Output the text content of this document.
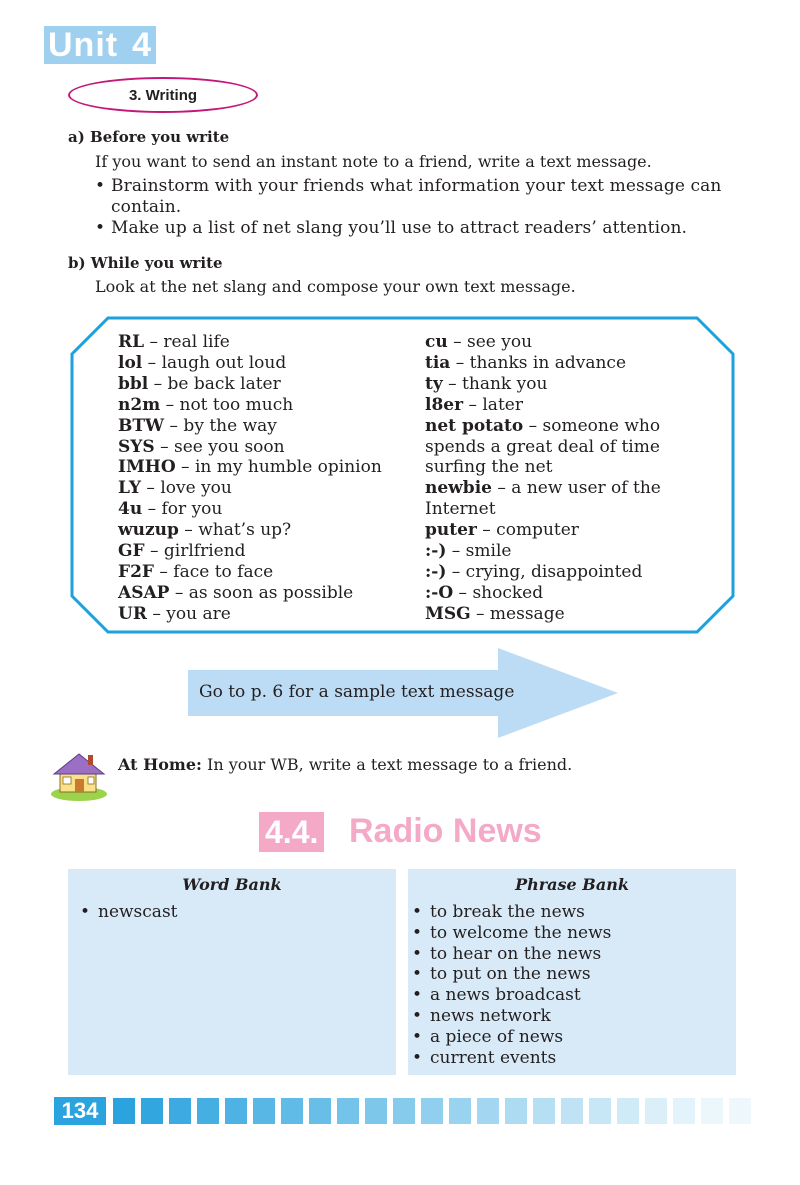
Unit 4
3. Writing
a) Before you write
If you want to send an instant note to a friend, write a text message.
• Brainstorm with your friends what information your text message can
contain.
• Make up a list of net slang you’ll use to attract readers’ attention.
b) While you write
Look at the net slang and compose your own text message.
RL – real life
lol – laugh out loud
bbl – be back later
n2m – not too much
BTW – by the way
SYS – see you soon
IMHO – in my humble opinion
LY – love you
4u – for you
wuzup – what’s up?
GF – girlfriend
F2F – face to face
ASAP – as soon as possible
UR – you are
cu – see you
tia – thanks in advance
ty – thank you
l8er – later
net potato – someone who
spends a great deal of time
surfing the net
newbie – a new user of the
Internet
puter – computer
:-) – smile
:-) – crying, disappointed
:-O – shocked
MSG – message
Go to p. 6 for a sample text message
At Home: In your WB, write a text message to a friend.
4.4. Radio News
Word Bank
• newscast
Phrase Bank
• to break the news
• to welcome the news
• to hear on the news
• to put on the news
• a news broadcast
• news network
• a piece of news
• current events
134
